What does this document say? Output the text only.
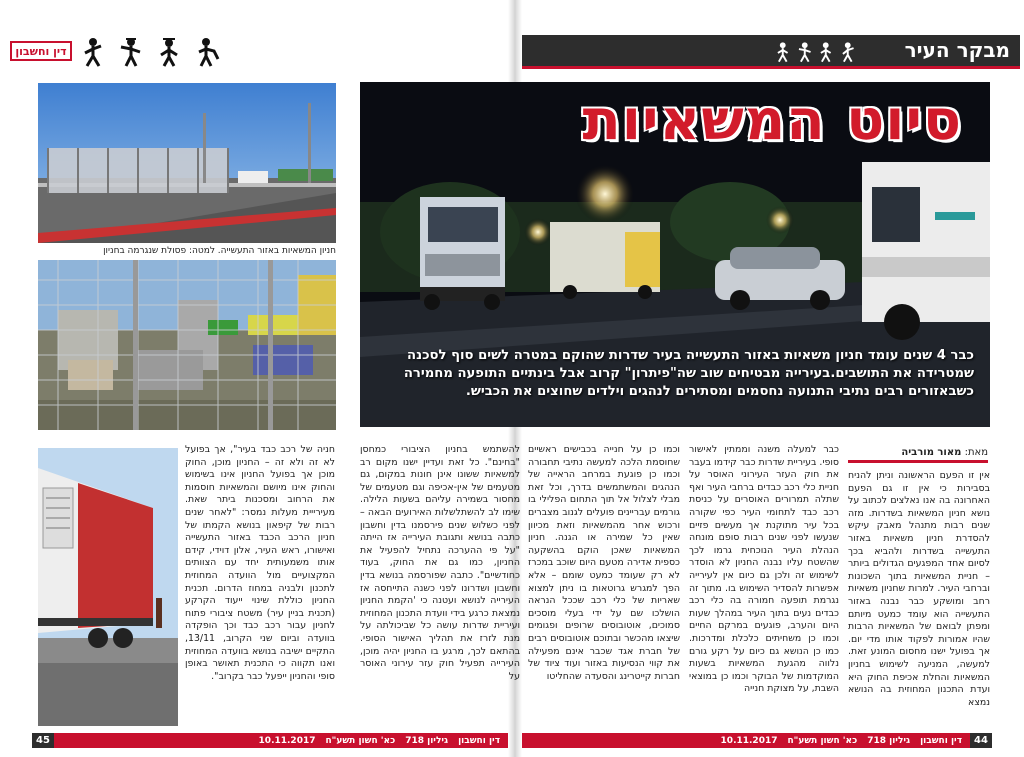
דין וחשבון	מבקר העיר
חניון המשאיות באזור התעשייה. למטה: פסולת שנגרמה בחניון
חניה של רכב כבד בעיר", אך בפועל לא זה ולא זה – החניון מוכן, החוק מוכן אך בפועל החניון אינו בשימוש והחוק אינו מיושם והמשאיות חוסמות את הרחוב ומסכנות ביתר שאת. מעירייית מעלות נמסר: "לאחר שנים רבות של קיפאון בנושא הקמתו של חניון הרכב הכבד באזור התעשייה ואישורו, ראש העיר, אלון דוידי, קידם אותו משמעותית יחד עם הצוותים המקצועיים מול הוועדה המחוזית לתכנון ולבניה במחוז הדרום. תכנית החניון כוללת שינוי ייעוד הקרקע (תכנית בניין עיר) משטח ציבורי פתוח לחניון עבור רכב כבד וכך הופקדה בוועדה וביום שני הקרוב, 13/11, התקיים ישיבה בנושא בוועדה המחוזית ואנו תקווה כי התכנית תאושר באופן סופי והחניון ייפעל כבר בקרוב".
סיוט המשאיות
כבר 4 שנים עומד חניון משאיות באזור התעשייה בעיר שדרות שהוקם במטרה לשים סוף לסכנה שמטרידה את התושבים.בעירייה מבטיחים שוב שה"פיתרון" קרוב אבל בינתיים התופעה מחמירה כשבאזורים רבים נתיבי התנועה נחסמים ומסתירים לנהגים וילדים שחוצים את הכביש.
מאת: מאור מורביה
אין זו הפעם הראשונה וניתן להניח בסבירות כי אין זו גם הפעם האחרונה בה אנו נאלצים לכתוב על נושא חניון המשאיות בשדרות. מזה שנים רבות מתנהל מאבק עיקש להסדרת חניון משאיות באזור התעשייה בשדרות ולהביא בכך לסיום אחד המפגעים הגדולים ביותר – חניית המשאיות בתוך השכונות וברחבי העיר. למרות שחניון משאיות רחב ומושקע כבר נבנה באזור התעשייה הוא עומד כמעט מיותם ומפתן לבואם של המשאיות הרבות שהיו אמורות לפקוד אותו מדי יום. אך בפועל ישנו מחסום המונע זאת. למעשה, המניעה לשימוש בחניון המשאיות והחלת אכיפת החוק היא ועדת התכנון המחוזית בה הנושא נמצא
כבר למעלה משנה וממתין לאישור סופי. בעיריית שדרות כבר קידמו בעבר את חוק העזר העירוני האוסר על חניית כלי רכב כבדים ברחבי העיר ואף שתלה תמרורים האוסרים על כניסת רכב כבד לתחומי העיר כפי שקורה בכל עיר מתוקנת אך מעשים פזיים שנעשו לפני שנים רבות סופם מונחה הנהלת העיר הנוכחית גרמו לכך שהשטח עליו נבנה החניון לא הוסדר לשימוש זה ולכן גם כיום אין לעירייה אפשרות להסדיר השימוש בו. מתוך זה נגרמת תופעה חמורה בה כלי רכב כבדים נעים בתוך העיר במהלך שעות היום והערב, פוגעים במרקם החיים וכמו כן משחיתים כלכלת ומדרכות. כמו כן הנושא גם כיום על רקע גורם נלווה מהגעת המשאיות בשעות המוקדמות של הבוקר וכמו כן במוצאי השבת, על מצוקת חנייה
וכמו כן על חנייה בכבישים ראשיים שחוסמת הלכה למעשה נתיבי תחבורה וכמו כן פוגעת במרחב הראייה של הנהגים והמשתמשים בדרך, וכל זאת מבלי לצלול אל תוך התחום הפלילי בו גורמים עבריינים פועלים לגנוב מצברים ורכוש אחר מהמשאיות וזאת מכיוון שאין כל שמירה או הגנה. חניון המשאיות שאכן הוקם בהשקעה כספית אדירה מטעם היום שוכב במכרז לא רק שעומד כמעט שומם – אלא הפך למגרש גרוטאות בו ניתן למצוא שאריות של כלי רכב שככל הנראה הושלכו שם על ידי בעלי מוסכים סמוכים, אוטובוסים שרופים ופגומים שיצאו מהכשר ובתוכם אוטובוסים רבים של חברת אגד שכבר אינם מפעילה את קווי הנסיעות באזור ועוד ציוד של חברות קייטרינג והסעדה שהחליטו
להשתמש בחניון הציבורי כמחסן "בחינם". כל זאת ועדיין ישנו מקום רב למשאיות ששונו אינן חונות במקום, גם מטעמים של אין-אכיפה וגם מטעמים של מחסור בשמירה עליהם בשעות הלילה. שימו לב להשתלשלות האירועים הבאה – לפני כשלוש שנים פירסמנו בדין וחשבון כתבה בנושא ותגובת העירייה אז הייתה "על פי ההערכה נתחיל להפעיל את החניון, כמו גם את החוק, בעוד כחודשיים". כתבה שפורסמה בנושא בדין וחשבון ושדרונו לפני כשנה התייחסה אז העירייה לנושא ועטנה כי 'הקמת החניון נמצאת כרגע בידי וועדת התכנון המחוזית ועיריית שדרות עושה כל שביכולתה על מנת לזרז את תהליך האישור הסופי. בהתאם לכך, מרגע בו החניון יהיה מוכן, העירייה תפעיל חוק עזר עירוני האוסר על
45	10.11.2017 כא' חשון תשע"ח גיליון 718 דין וחשבון	10.11.2017 כא' חשון תשע"ח גיליון 718 דין וחשבון	44
